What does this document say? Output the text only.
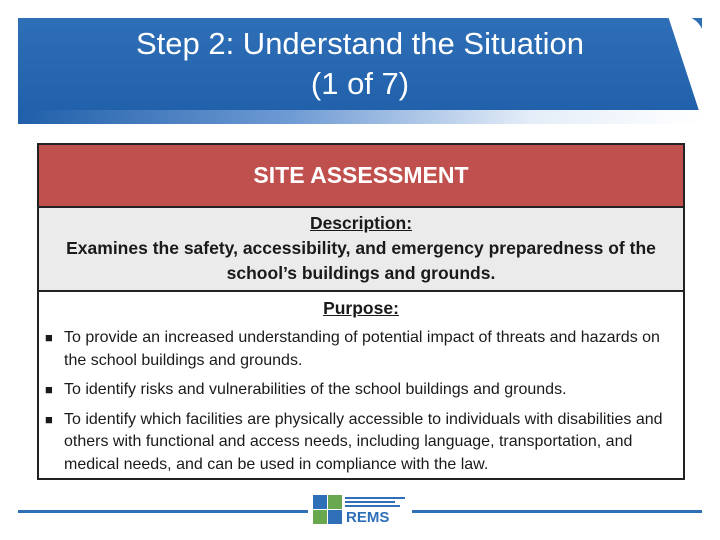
Step 2: Understand the Situation
(1 of 7)
SITE ASSESSMENT
Description:
Examines the safety, accessibility, and emergency preparedness of the school’s buildings and grounds.
Purpose:
■ To provide an increased understanding of potential impact of threats and hazards on the school buildings and grounds.
■ To identify risks and vulnerabilities of the school buildings and grounds.
■ To identify which facilities are physically accessible to individuals with disabilities and others with functional and access needs, including language, transportation, and medical needs, and can be used in compliance with the law.
REMS
